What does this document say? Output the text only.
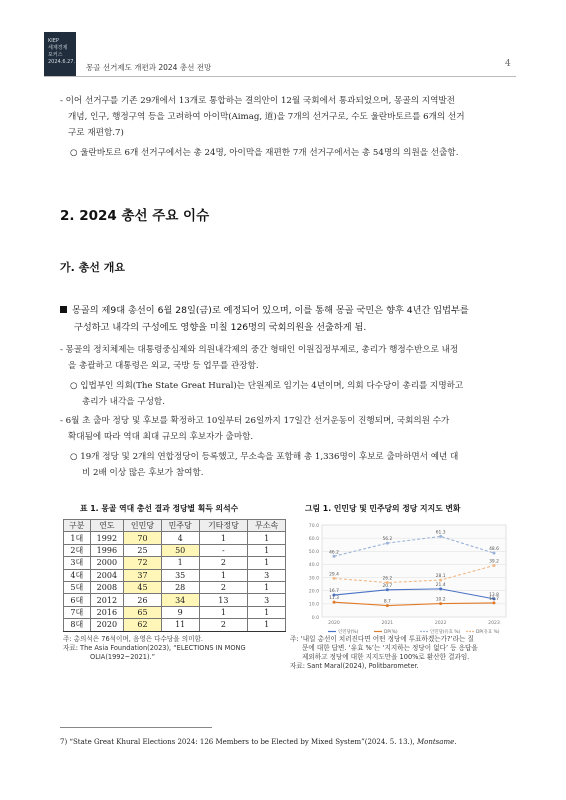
KIEP
세계경제
포커스
2024.6.27.
몽골 선거제도 개편과 2024 총선 전망	4
- 이어 선거구를 기존 29개에서 13개로 통합하는 결의안이 12월 국회에서 통과되었으며, 몽골의 지역발전
개념, 인구, 행정구역 등을 고려하여 아이막(Aimag, 道)을 7개의 선거구로, 수도 울란바토르를 6개의 선거
구로 재편함.7)
○ 울란바토르 6개 선거구에서는 총 24명, 아이막을 재편한 7개 선거구에서는 총 54명의 의원을 선출함.
2. 2024 총선 주요 이슈
가. 총선 개요
몽골의 제9대 총선이 6월 28일(금)로 예정되어 있으며, 이를 통해 몽골 국민은 향후 4년간 입법부를
구성하고 내각의 구성에도 영향을 미칠 126명의 국회의원을 선출하게 됨.
- 몽골의 정치체제는 대통령중심제와 의원내각제의 중간 형태인 이원집정부제로, 총리가 행정수반으로 내정
을 총괄하고 대통령은 외교, 국방 등 업무를 관장함.
○ 입법부인 의회(The State Great Hural)는 단원제로 임기는 4년이며, 의회 다수당이 총리를 지명하고
총리가 내각을 구성함.
- 6월 초 출마 정당 및 후보를 확정하고 10일부터 26일까지 17일간 선거운동이 진행되며, 국회의원 수가
확대됨에 따라 역대 최대 규모의 후보자가 출마함.
○ 19개 정당 및 2개의 연합정당이 등록했고, 무소속을 포함해 총 1,336명이 후보로 출마하면서 예년 대
비 2배 이상 많은 후보가 참여함.
표 1. 몽골 역대 총선 결과 정당별 획득 의석수
구분	연도	인민당	민주당	기타정당	무소속
1대	1992	70	4	1	1
2대	1996	25	50	-	1
3대	2000	72	1	2	1
4대	2004	37	35	1	3
5대	2008	45	28	2	1
6대	2012	26	34	13	3
7대	2016	65	9	1	1
8대	2020	62	11	2	1
주: 총의석은 76석이며, 음영은 다수당을 의미함.
자료: The Asia Foundation(2023), “ELECTIONS IN MONG
OLIA(1992~2021).”
그림 1. 인민당 및 민주당의 정당 지지도 변화
0.0
10.0
20.0
30.0
40.0
50.0
60.0
70.0
2020	2021	2022	2023
16.7
20.7	21.4
13.8
11.3
8.7	10.2	10.7
46.2
56.2
61.3
48.6
29.4
26.2	28.1
39.2
인민당(%)	DP(%)	인민당(유효 %)	DP(유효 %)
주: ‘내일 총선이 치러진다면 어떤 정당에 투표하겠는가?’라는 질
문에 대한 답변. ‘유효 %’는 ‘지지하는 정당이 없다’ 등 응답을
제외하고 정당에 대한 지지도만을 100%로 환산한 결과임.
자료: Sant Maral(2024), Politbarometer.
7) “State Great Khural Elections 2024: 126 Members to be Elected by Mixed System”(2024. 5. 13.), Montsame.
